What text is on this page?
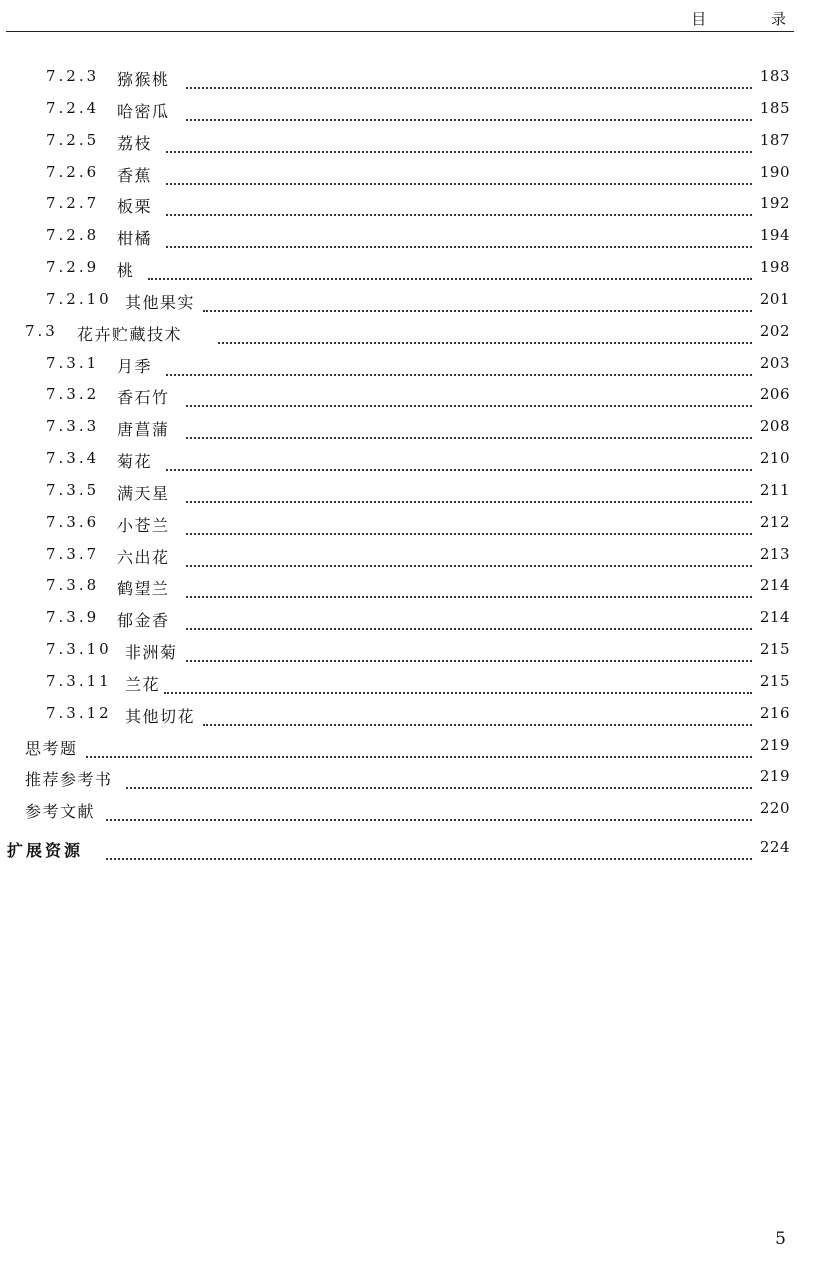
目 录
7.2.3 猕猴桃	183
7.2.4 哈密瓜	185
7.2.5 荔枝	187
7.2.6 香蕉	190
7.2.7 板栗	192
7.2.8 柑橘	194
7.2.9 桃	198
7.2.10 其他果实	201
7.3 花卉贮藏技术	202
7.3.1 月季	203
7.3.2 香石竹	206
7.3.3 唐菖蒲	208
7.3.4 菊花	210
7.3.5 满天星	211
7.3.6 小苍兰	212
7.3.7 六出花	213
7.3.8 鹤望兰	214
7.3.9 郁金香	214
7.3.10 非洲菊	215
7.3.11 兰花	215
7.3.12 其他切花	216
思考题	219
推荐参考书	219
参考文献	220
扩展资源	224
5
